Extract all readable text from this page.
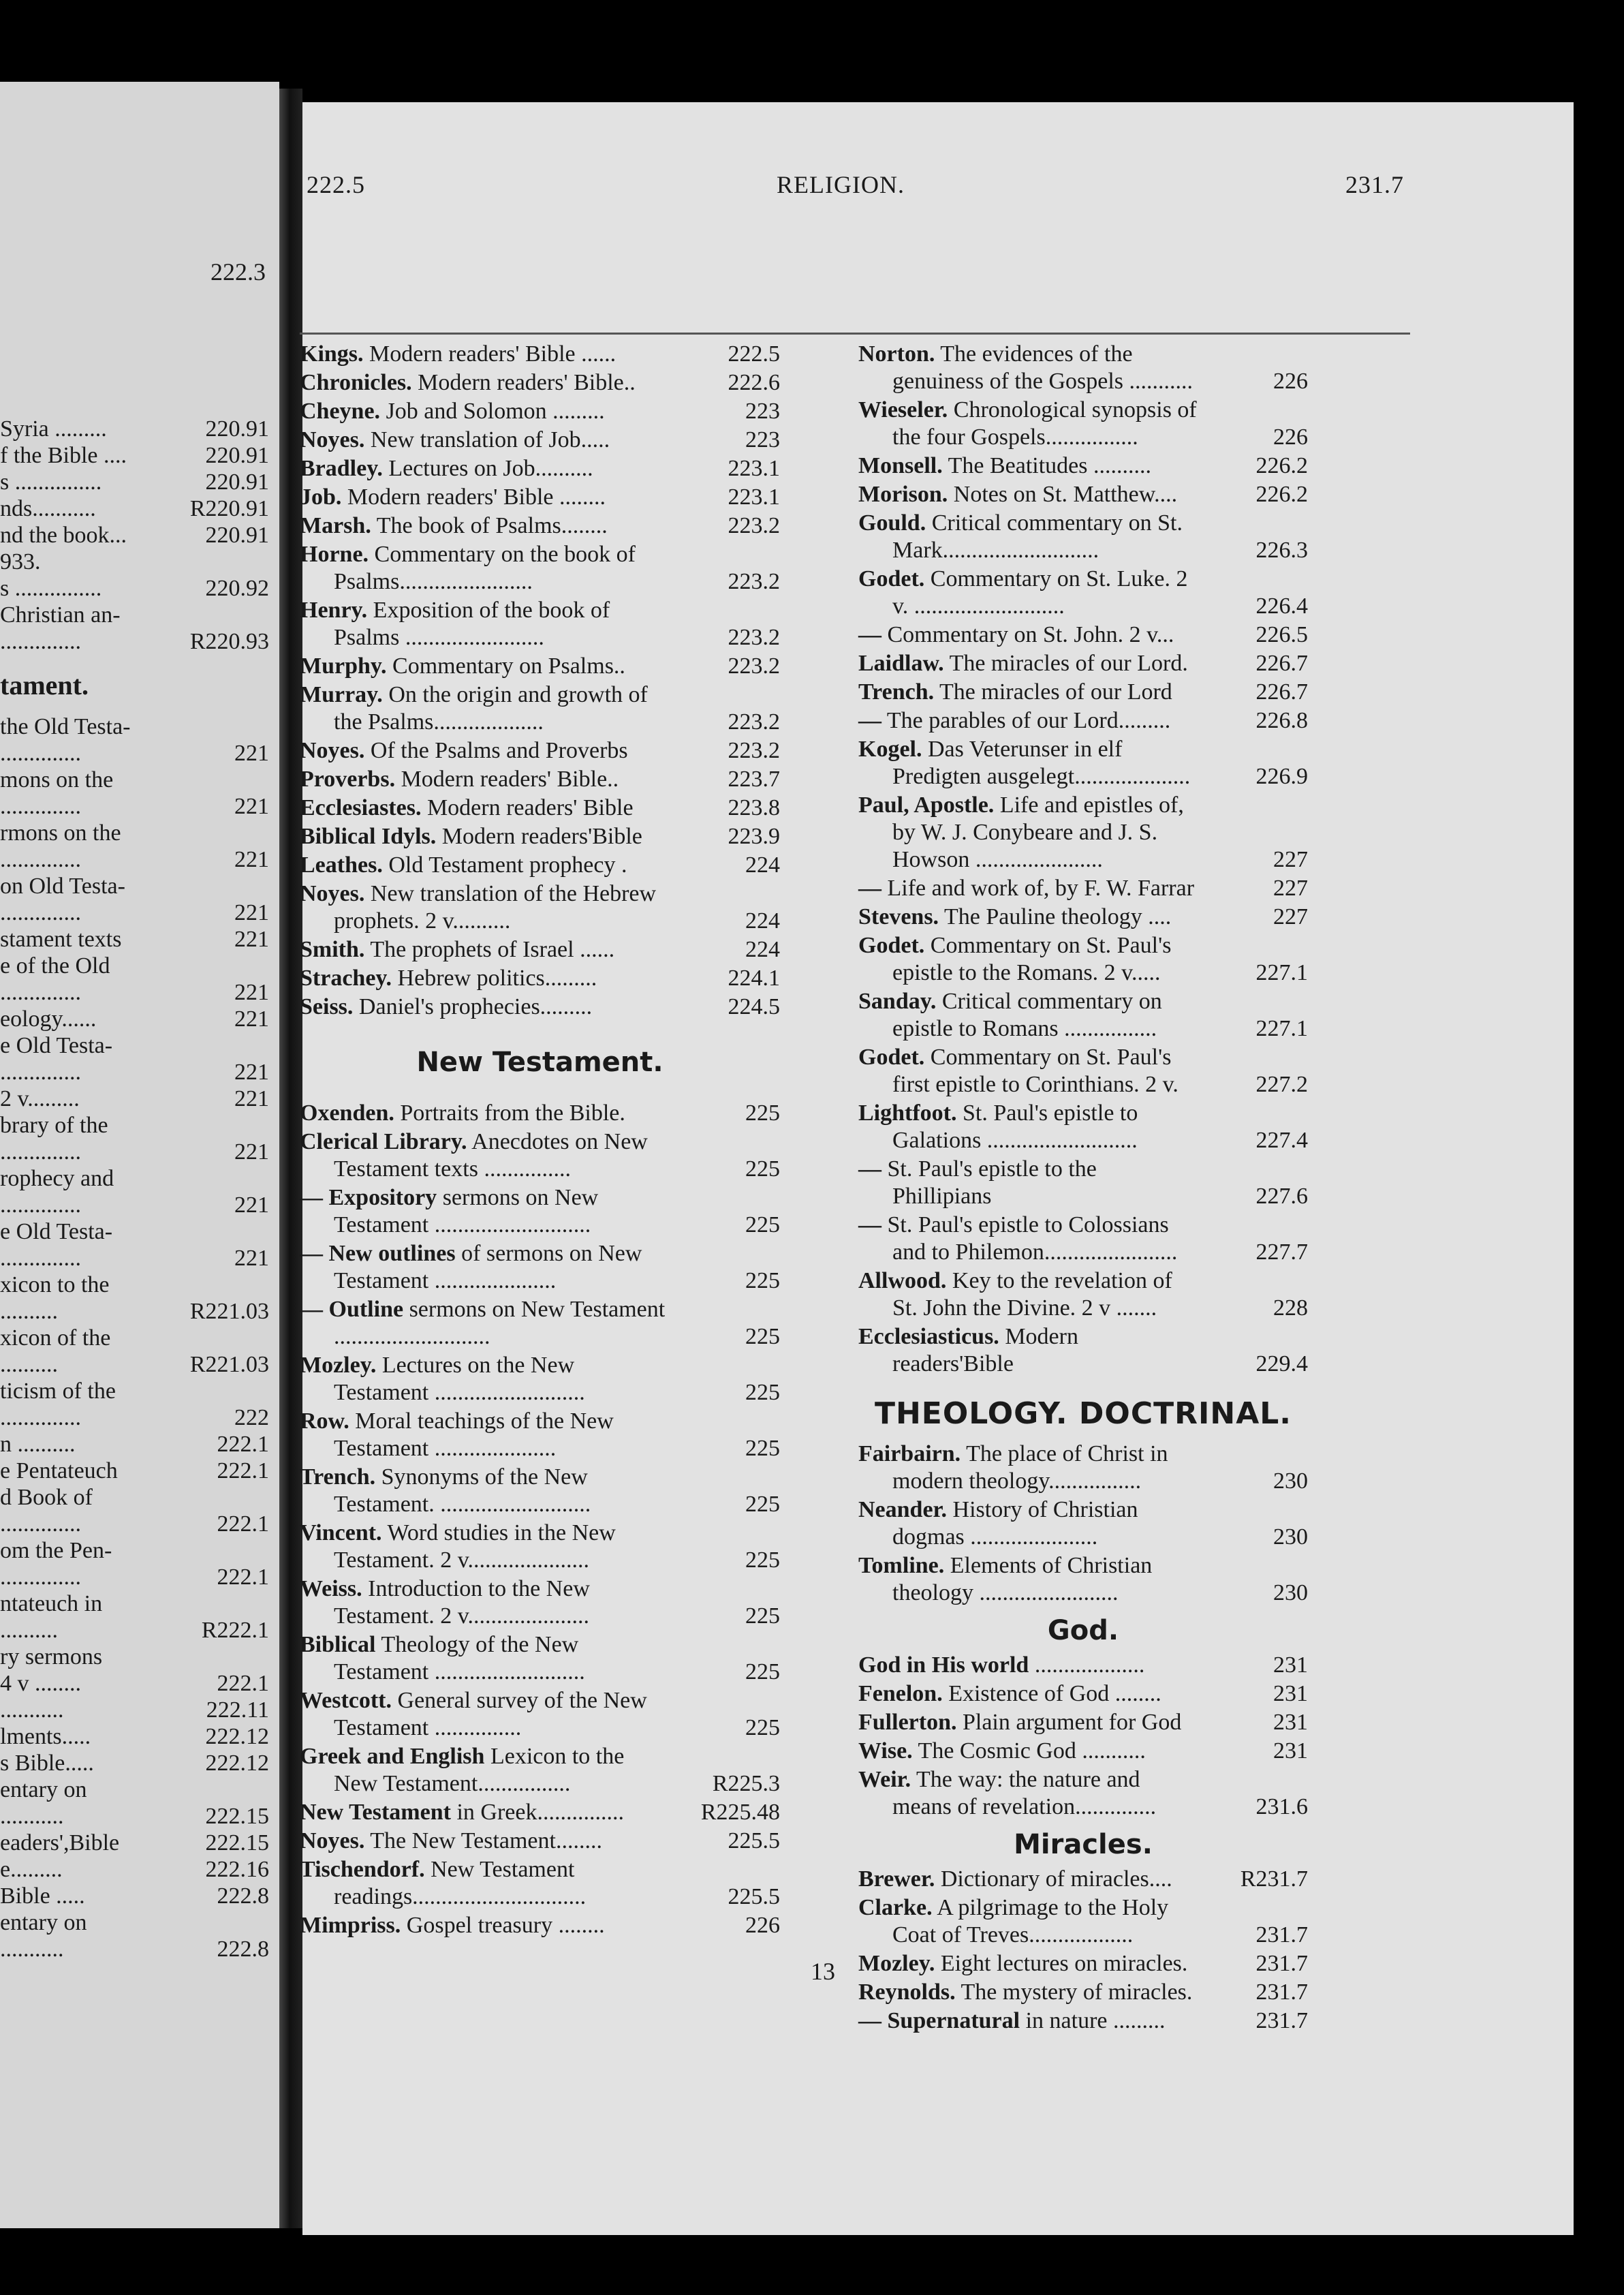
222.3
Syria .........	220.91
f the Bible ....	220.91
s ...............	220.91
nds...........	R220.91
nd the book...	220.91
933.
s ...............	220.92
Christian an-
..............	R220.93
tament.
the Old Testa-
..............	221
mons on the
..............	221
rmons on the
..............	221
on Old Testa-
..............	221
stament texts	221
e of the Old
..............	221
eology......	221
e Old Testa-
..............	221
2 v.........	221
brary of the
..............	221
rophecy and
..............	221
e Old Testa-
..............	221
xicon to the
..........	R221.03
xicon of the
..........	R221.03
ticism of the
..............	222
n ..........	222.1
e Pentateuch	222.1
d Book of
..............	222.1
om the Pen-
..............	222.1
ntateuch in
..........	R222.1
ry sermons
4 v ........	222.1
...........	222.11
lments.....	222.12
s Bible.....	222.12
entary on
...........	222.15
eaders',Bible	222.15
e.........	222.16
Bible .....	222.8
entary on
...........	222.8
222.5	RELIGION.	231.7
Kings. Modern readers' Bible ......	222.5
Chronicles. Modern readers' Bible..	222.6
Cheyne. Job and Solomon .........	223
Noyes. New translation of Job.....	223
Bradley. Lectures on Job..........	223.1
Job. Modern readers' Bible ........	223.1
Marsh. The book of Psalms........	223.2
Horne. Commentary on the book of Psalms.......................	223.2
Henry. Exposition of the book of Psalms ........................	223.2
Murphy. Commentary on Psalms..	223.2
Murray. On the origin and growth of the Psalms...................	223.2
Noyes. Of the Psalms and Proverbs	223.2
Proverbs. Modern readers' Bible..	223.7
Ecclesiastes. Modern readers' Bible	223.8
Biblical Idyls. Modern readers'Bible	223.9
Leathes. Old Testament prophecy .	224
Noyes. New translation of the Hebrew prophets. 2 v..........	224
Smith. The prophets of Israel ......	224
Strachey. Hebrew politics.........	224.1
Seiss. Daniel's prophecies.........	224.5
New Testament.
Oxenden. Portraits from the Bible.	225
Clerical Library. Anecdotes on New Testament texts ...............	225
— Expository sermons on New Testament ...........................	225
— New outlines of sermons on New Testament .....................	225
— Outline sermons on New Testament ...........................	225
Mozley. Lectures on the New Testament ..........................	225
Row. Moral teachings of the New Testament .....................	225
Trench. Synonyms of the New Testament. ..........................	225
Vincent. Word studies in the New Testament. 2 v.....................	225
Weiss. Introduction to the New Testament. 2 v.....................	225
Biblical Theology of the New Testament ..........................	225
Westcott. General survey of the New Testament ...............	225
Greek and English Lexicon to the New Testament................	R225.3
New Testament in Greek...............	R225.48
Noyes. The New Testament........	225.5
Tischendorf. New Testament readings..............................	225.5
Mimpriss. Gospel treasury ........	226
Norton. The evidences of the genuiness of the Gospels ...........	226
Wieseler. Chronological synopsis of the four Gospels................	226
Monsell. The Beatitudes ..........	226.2
Morison. Notes on St. Matthew....	226.2
Gould. Critical commentary on St. Mark...........................	226.3
Godet. Commentary on St. Luke. 2 v. ..........................	226.4
— Commentary on St. John. 2 v...	226.5
Laidlaw. The miracles of our Lord.	226.7
Trench. The miracles of our Lord	226.7
— The parables of our Lord.........	226.8
Kogel. Das Veterunser in elf Predigten ausgelegt....................	226.9
Paul, Apostle. Life and epistles of, by W. J. Conybeare and J. S. Howson ......................	227
— Life and work of, by F. W. Farrar	227
Stevens. The Pauline theology ....	227
Godet. Commentary on St. Paul's epistle to the Romans. 2 v.....	227.1
Sanday. Critical commentary on epistle to Romans ................	227.1
Godet. Commentary on St. Paul's first epistle to Corinthians. 2 v.	227.2
Lightfoot. St. Paul's epistle to Galations ..........................	227.4
— St. Paul's epistle to the Phillipians	227.6
— St. Paul's epistle to Colossians and to Philemon.......................	227.7
Allwood. Key to the revelation of St. John the Divine. 2 v .......	228
Ecclesiasticus. Modern readers'Bible	229.4
THEOLOGY. DOCTRINAL.
Fairbairn. The place of Christ in modern theology................	230
Neander. History of Christian dogmas ......................	230
Tomline. Elements of Christian theology ........................	230
God.
God in His world ...................	231
Fenelon. Existence of God ........	231
Fullerton. Plain argument for God	231
Wise. The Cosmic God ...........	231
Weir. The way: the nature and means of revelation..............	231.6
Miracles.
Brewer. Dictionary of miracles....	R231.7
Clarke. A pilgrimage to the Holy Coat of Treves..................	231.7
Mozley. Eight lectures on miracles.	231.7
Reynolds. The mystery of miracles.	231.7
— Supernatural in nature .........	231.7
13
